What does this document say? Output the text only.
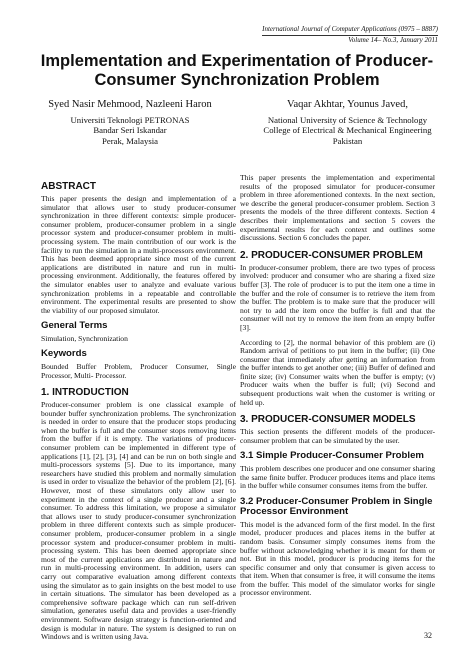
International Journal of Computer Applications (0975 – 8887)
Volume 14– No.3, January 2011
Implementation and Experimentation of Producer-Consumer Synchronization Problem
Syed Nasir Mehmood, Nazleeni Haron
Universiti Teknologi PETRONAS
Bandar Seri Iskandar
Perak, Malaysia
Vaqar Akhtar, Younus Javed,
National University of Science & Technology
College of Electrical & Mechanical Engineering
Pakistan
ABSTRACT

This paper presents the design and implementation of a simulator that allows user to study producer-consumer synchronization in three different contexts: simple producer-consumer problem, producer-consumer problem in a single processor system and producer-consumer problem in multi-processing system. The main contribution of our work is the facility to run the simulation in a multi-processors environment. This has been deemed appropriate since most of the current applications are distributed in nature and run in multi-processing environment. Additionally, the features offered by the simulator enables user to analyze and evaluate various synchronization problems in a repeatable and controllable environment. The experimental results are presented to show the viability of our proposed simulator.

General Terms

Simulation, Synchronization

Keywords

Bounded Buffer Problem, Producer Consumer, Single Processor, Multi- Processor.

1. INTRODUCTION

Producer-consumer problem is one classical example of bounder buffer synchronization problems. The synchronization is needed in order to ensure that the producer stops producing when the buffer is full and the consumer stops removing items from the buffer if it is empty. The variations of producer-consumer problem can be implemented in different type of applications [1], [2], [3], [4] and can be run on both single and multi-processors systems [5]. Due to its importance, many researchers have studied this problem and normally simulation is used in order to visualize the behavior of the problem [2], [6]. However, most of these simulators only allow user to experiment in the context of a single producer and a single consumer. To address this limitation, we propose a simulator that allows user to study producer-consumer synchronization problem in three different contexts such as simple producer-consumer problem, producer-consumer problem in a single processor system and producer-consumer problem in multi-processing system. This has been deemed appropriate since most of the current applications are distributed in nature and run in multi-processing environment. In addition, users can carry out comparative evaluation among different contexts using the simulator as to gain insights on the best model to use in certain situations. The simulator has been developed as a comprehensive software package which can run self-driven simulation, generates useful data and provides a user-friendly environment. Software design strategy is function-oriented and design is modular in nature. The system is designed to run on Windows and is written using Java.

This paper presents the implementation and experimental results of the proposed simulator for producer-consumer problem in three aforementioned contexts. In the next section, we describe the general producer-consumer problem. Section 3 presents the models of the three different contexts. Section 4 describes their implementations and section 5 covers the experimental results for each context and outlines some discussions. Section 6 concludes the paper.

2. PRODUCER-CONSUMER PROBLEM

In producer-consumer problem, there are two types of process involved: producer and consumer who are sharing a fixed size buffer [3]. The role of producer is to put the item one a time in the buffer and the role of consumer is to retrieve the item from the buffer. The problem is to make sure that the producer will not try to add the item once the buffer is full and that the consumer will not try to remove the item from an empty buffer [3].

According to [2], the normal behavior of this problem are (i) Random arrival of petitions to put item in the buffer; (ii) One consumer that immediately after getting an information from the buffer intends to get another one; (iii) Buffer of defined and finite size; (iv) Consumer waits when the buffer is empty; (v) Producer waits when the buffer is full; (vi) Second and subsequent productions wait when the customer is writing or held up.

3. PRODUCER-CONSUMER MODELS

This section presents the different models of the producer-consumer problem that can be simulated by the user.

3.1 Simple Producer-Consumer Problem

This problem describes one producer and one consumer sharing the same finite buffer. Producer produces items and place items in the buffer while consumer consumes items from the buffer.

3.2 Producer-Consumer Problem in Single Processor Environment

This model is the advanced form of the first model. In the first model, producer produces and places items in the buffer at random basis. Consumer simply consumes items from the buffer without acknowledging whether it is meant for them or not. But in this model, producer is producing items for the specific consumer and only that consumer is given access to that item. When that consumer is free, it will consume the items from the buffer. This model of the simulator works for single processor environment.

32
